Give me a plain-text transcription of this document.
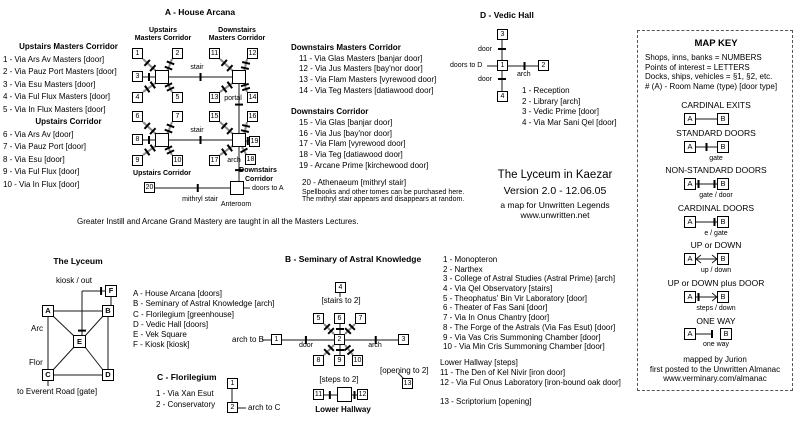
A - House Arcana
Upstairs
Masters Corridor
Downstairs
Masters Corridor
Upstairs Corridor	Downstairs
Corridor
stair
stair
portal
arch
mithryl stair
Anteroom
doors to A
1	2
3
4	5
6	7
8
9	10
11	12
13	14
15	16
17	18
19
20
Upstairs Masters Corridor
1 - Via Ars Av Masters [door]
2 - Via Pauz Port Masters [door]
3 - Via Esu Masters [door]
4 - Via Ful Flux Masters [door]
5 - Via In Flux Masters [door]
Upstairs Corridor
6 - Via Ars Av [door]
7 - Via Pauz Port [door]
8 - Via Esu [door]
9 - Via Ful Flux [door]
10 - Via In Flux [door]
Downstairs Masters Corridor
11 - Via Glas Masters [banjar door]
12 - Via Jus Masters [bay'nor door]
13 - Via Flam Masters [vyrewood door]
14 - Via Teg Masters [datiawood door]
Downstairs Corridor
15 - Via Glas [banjar door]
16 - Via Jus [bay'nor door]
17 - Via Flam [vyrewood door]
18 - Via Teg [datiawood door]
19 - Arcane Prime [kirchewood door]
20 - Athenaeum [mithryl stair]
Spellbooks and other tomes can be purchased here.
The mithryl stair appears and disappears at random.
Greater Instill and Arcane Grand Mastery are taught in all the Masters Lectures.
D - Vedic Hall
3
1	2
4
door
door
arch
doors to D
1 - Reception
2 - Library [arch]
3 - Vedic Prime [door]
4 - Via Mar Sani Qel [door]
The Lyceum in Kaezar
Version 2.0 - 12.06.05
a map for Unwritten Legends
www.unwritten.net
The Lyceum
kiosk / out
Arc
Flor
to Everent Road [gate]
A	B
C	D
E
F	A - House Arcana [doors]
B - Seminary of Astral Knowledge [arch]
C - Florilegium [greenhouse]
D - Vedic Hall [doors]
E - Vek Square
F - Kiosk [kiosk]
arch to B
B - Seminary of Astral Knowledge
1	2	3
4
5	6	7
8	9	10
11	12
13
[stairs to 2]
door	arch
[opening to 2]
[steps to 2]
Lower Hallway
1 - Monopteron
2 - Narthex
3 - College of Astral Studies (Astral Prime) [arch]
4 - Via Qel Observatory [stairs]
5 - Theophatus' Bin Vir Laboratory [door]
6 - Theater of Fas Sani [door]
7 - Via In Onus Chantry [door]
8 - The Forge of the Astrals (Via Fas Esut) [door]
9 - Via Vas Cris Summoning Chamber [door]
10 - Via Min Cris Summoning Chamber [door]
Lower Hallway [steps]
11 - The Den of Kel Nivir [iron door]
12 - Via Ful Onus Laboratory [iron-bound oak door]
13 - Scriptorium [opening]
C - Florilegium
1 - Via Xan Esut
2 - Conservatory
1
2	arch to C
MAP KEY
Shops, inns, banks = NUMBERS
Points of interest = LETTERS
Docks, ships, vehicles = §1, §2, etc.
# (A) - Room Name (type) [door type]
CARDINAL EXITS
STANDARD DOORS
NON-STANDARD DOORS
CARDINAL DOORS
UP or DOWN
UP or DOWN plus DOOR
ONE WAY
gate
gate / door
e / gate
up / down
steps / down
one way
A	B
A	B
A	B
A	B
A	B
A	B
A	B
mapped by Jurion
first posted to the Unwritten Almanac
www.verminary.com/almanac
